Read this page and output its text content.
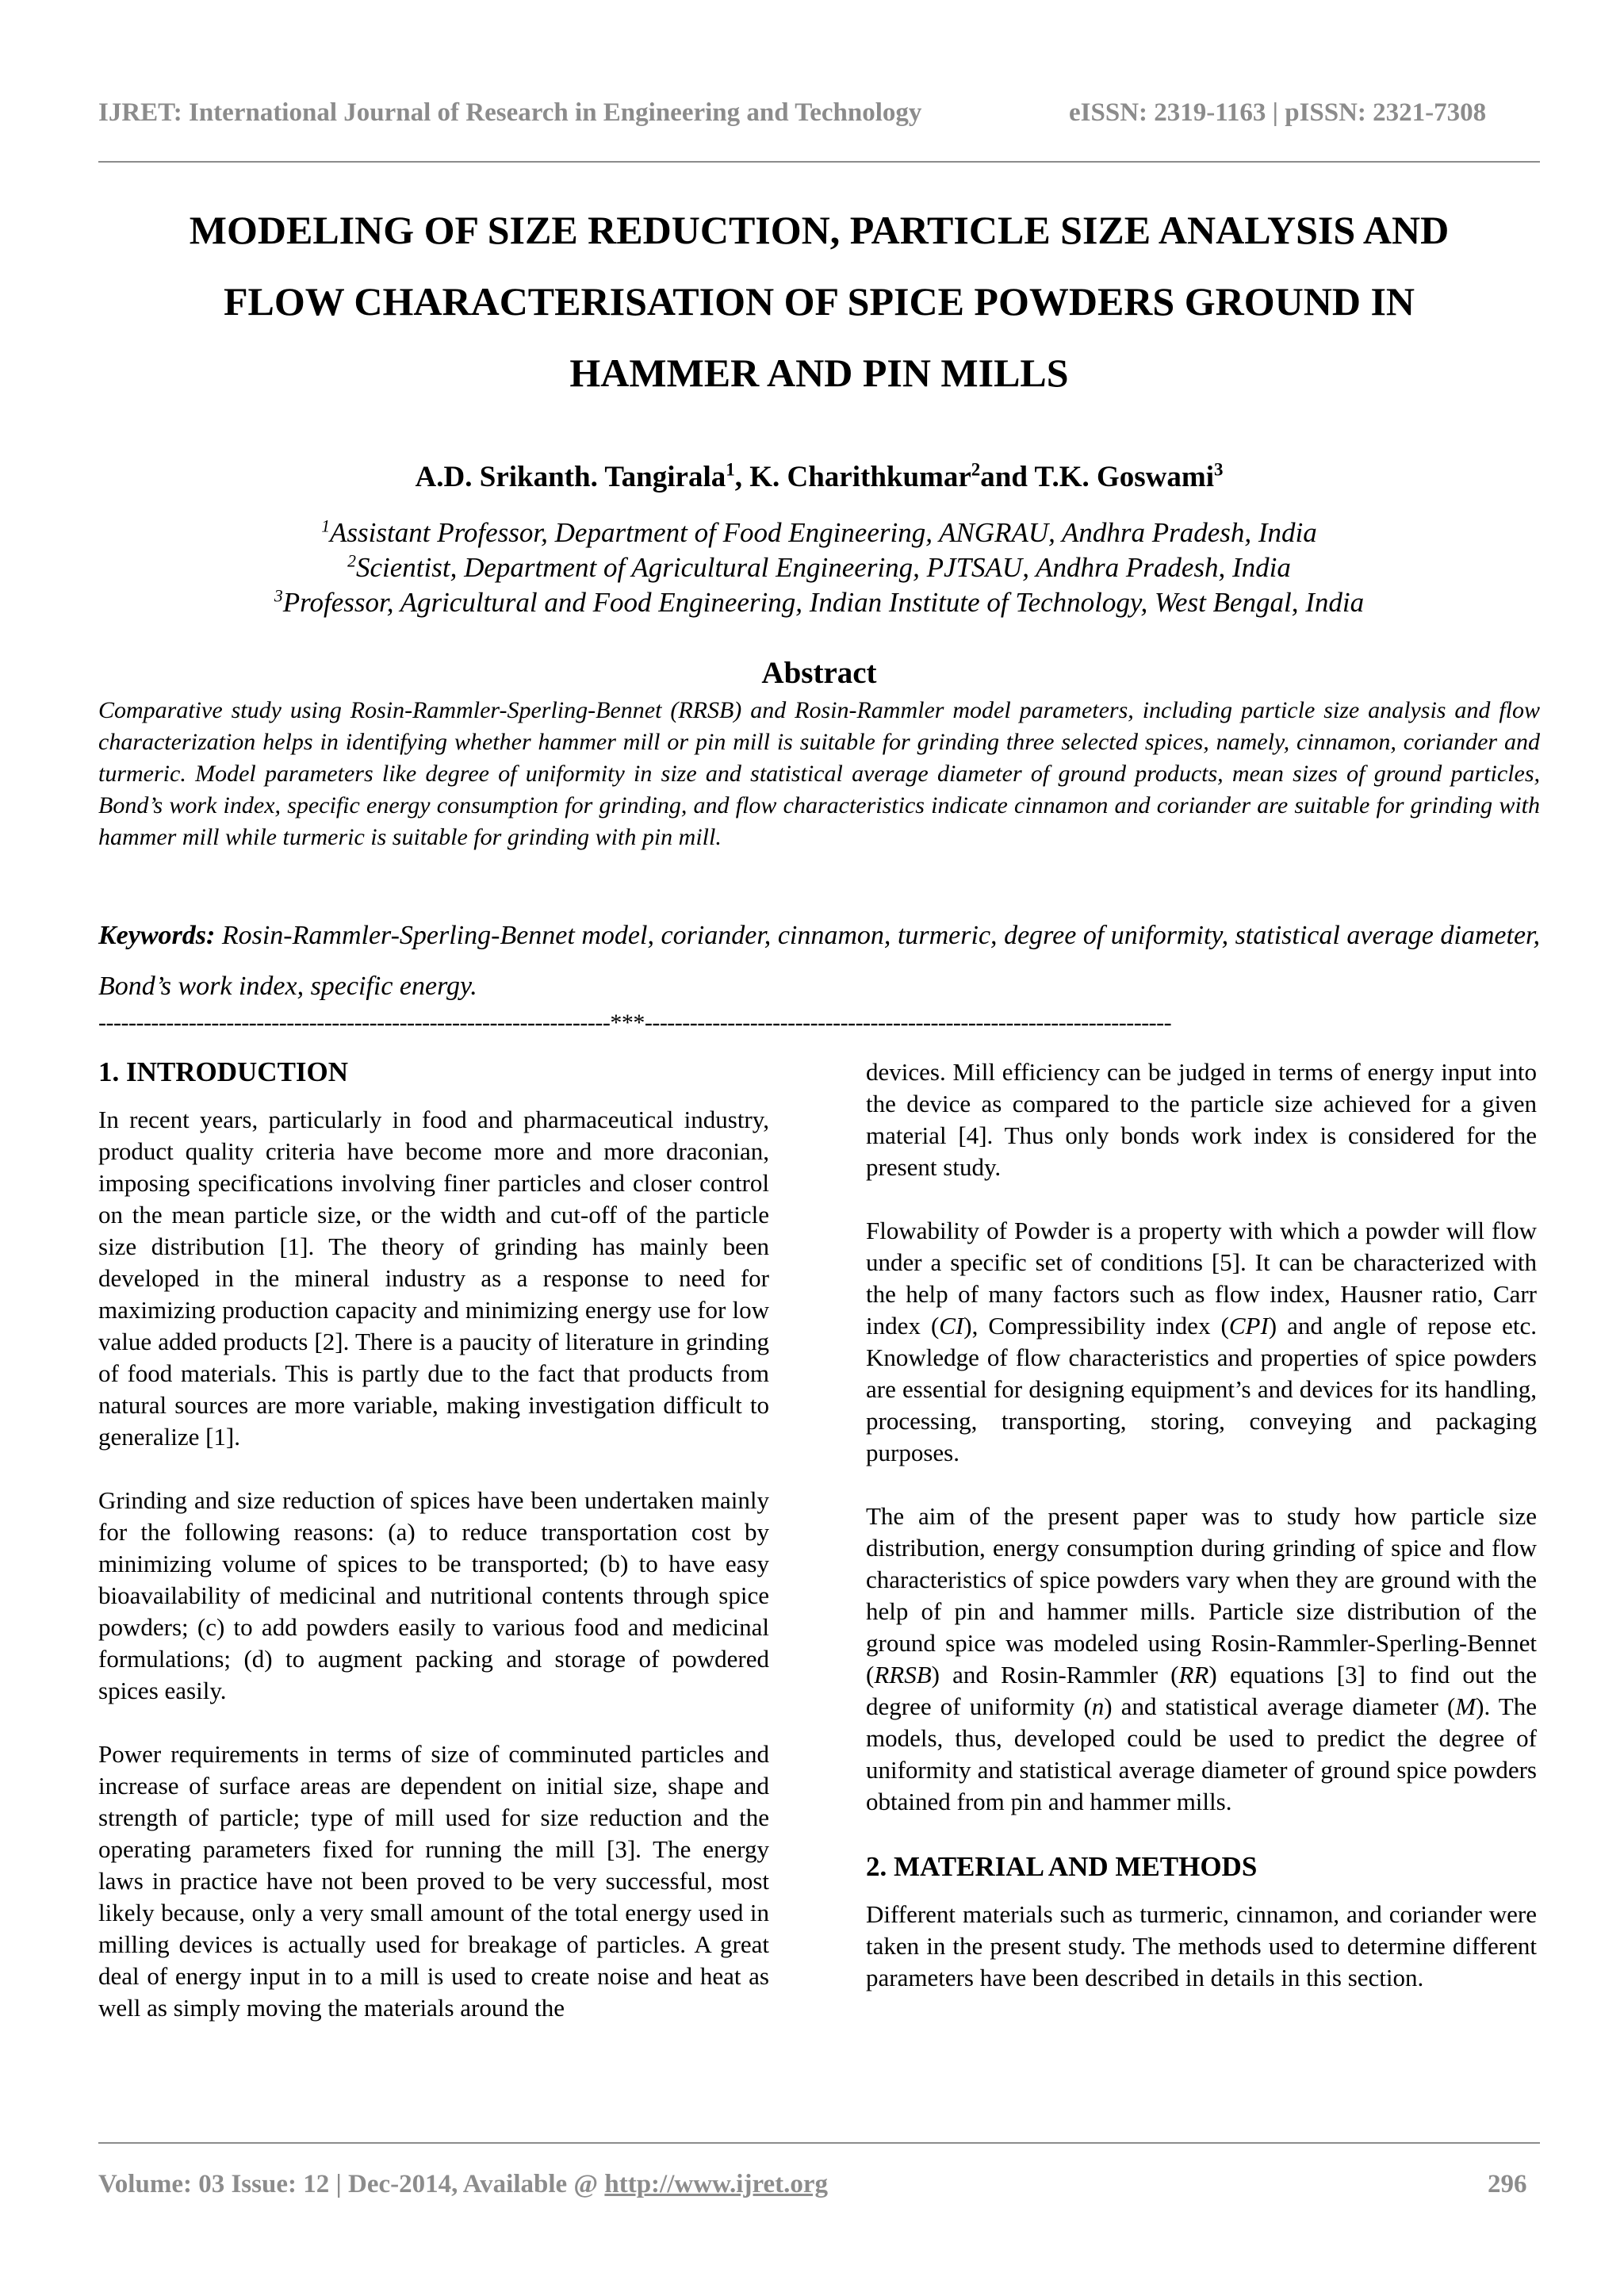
IJRET: International Journal of Research in Engineering and Technology	eISSN: 2319-1163 | pISSN: 2321-7308
MODELING OF SIZE REDUCTION, PARTICLE SIZE ANALYSIS AND
FLOW CHARACTERISATION OF SPICE POWDERS GROUND IN
HAMMER AND PIN MILLS
A.D. Srikanth. Tangirala$^1$, K. Charithkumar$^2$and T.K. Goswami$^3$
$^1$Assistant Professor, Department of Food Engineering, ANGRAU, Andhra Pradesh, India
$^2$Scientist, Department of Agricultural Engineering, PJTSAU, Andhra Pradesh, India
$^3$Professor, Agricultural and Food Engineering, Indian Institute of Technology, West Bengal, India
Abstract
Comparative study using Rosin-Rammler-Sperling-Bennet (RRSB) and Rosin-Rammler model parameters, including particle size analysis and flow characterization helps in identifying whether hammer mill or pin mill is suitable for grinding three selected spices, namely, cinnamon, coriander and turmeric. Model parameters like degree of uniformity in size and statistical average diameter of ground products, mean sizes of ground particles, Bond’s work index, specific energy consumption for grinding, and flow characteristics indicate cinnamon and coriander are suitable for grinding with hammer mill while turmeric is suitable for grinding with pin mill.
Keywords: Rosin-Rammler-Sperling-Bennet model, coriander, cinnamon, turmeric, degree of uniformity, statistical average diameter, Bond’s work index, specific energy.
--------------------------------------------------------------------***----------------------------------------------------------------------
1. INTRODUCTION

In recent years, particularly in food and pharmaceutical industry, product quality criteria have become more and more draconian, imposing specifications involving finer particles and closer control on the mean particle size, or the width and cut-off of the particle size distribution [1]. The theory of grinding has mainly been developed in the mineral industry as a response to need for maximizing production capacity and minimizing energy use for low value added products [2]. There is a paucity of literature in grinding of food materials. This is partly due to the fact that products from natural sources are more variable, making investigation difficult to generalize [1].

Grinding and size reduction of spices have been undertaken mainly for the following reasons: (a) to reduce transportation cost by minimizing volume of spices to be transported; (b) to have easy bioavailability of medicinal and nutritional contents through spice powders; (c) to add powders easily to various food and medicinal formulations; (d) to augment packing and storage of powdered spices easily.

Power requirements in terms of size of comminuted particles and increase of surface areas are dependent on initial size, shape and strength of particle; type of mill used for size reduction and the operating parameters fixed for running the mill [3]. The energy laws in practice have not been proved to be very successful, most likely because, only a very small amount of the total energy used in milling devices is actually used for breakage of particles. A great deal of energy input in to a mill is used to create noise and heat as well as simply moving the materials around the

devices. Mill efficiency can be judged in terms of energy input into the device as compared to the particle size achieved for a given material [4]. Thus only bonds work index is considered for the present study.

Flowability of Powder is a property with which a powder will flow under a specific set of conditions [5]. It can be characterized with the help of many factors such as flow index, Hausner ratio, Carr index (CI), Compressibility index (CPI) and angle of repose etc. Knowledge of flow characteristics and properties of spice powders are essential for designing equipment’s and devices for its handling, processing, transporting, storing, conveying and packaging purposes.

The aim of the present paper was to study how particle size distribution, energy consumption during grinding of spice and flow characteristics of spice powders vary when they are ground with the help of pin and hammer mills. Particle size distribution of the ground spice was modeled using Rosin-Rammler-Sperling-Bennet (RRSB) and Rosin-Rammler (RR) equations [3] to find out the degree of uniformity (n) and statistical average diameter (M). The models, thus, developed could be used to predict the degree of uniformity and statistical average diameter of ground spice powders obtained from pin and hammer mills.

2. MATERIAL AND METHODS

Different materials such as turmeric, cinnamon, and coriander were taken in the present study. The methods used to determine different parameters have been described in details in this section.

Volume: 03 Issue: 12 | Dec-2014, Available @ http://www.ijret.org	296
